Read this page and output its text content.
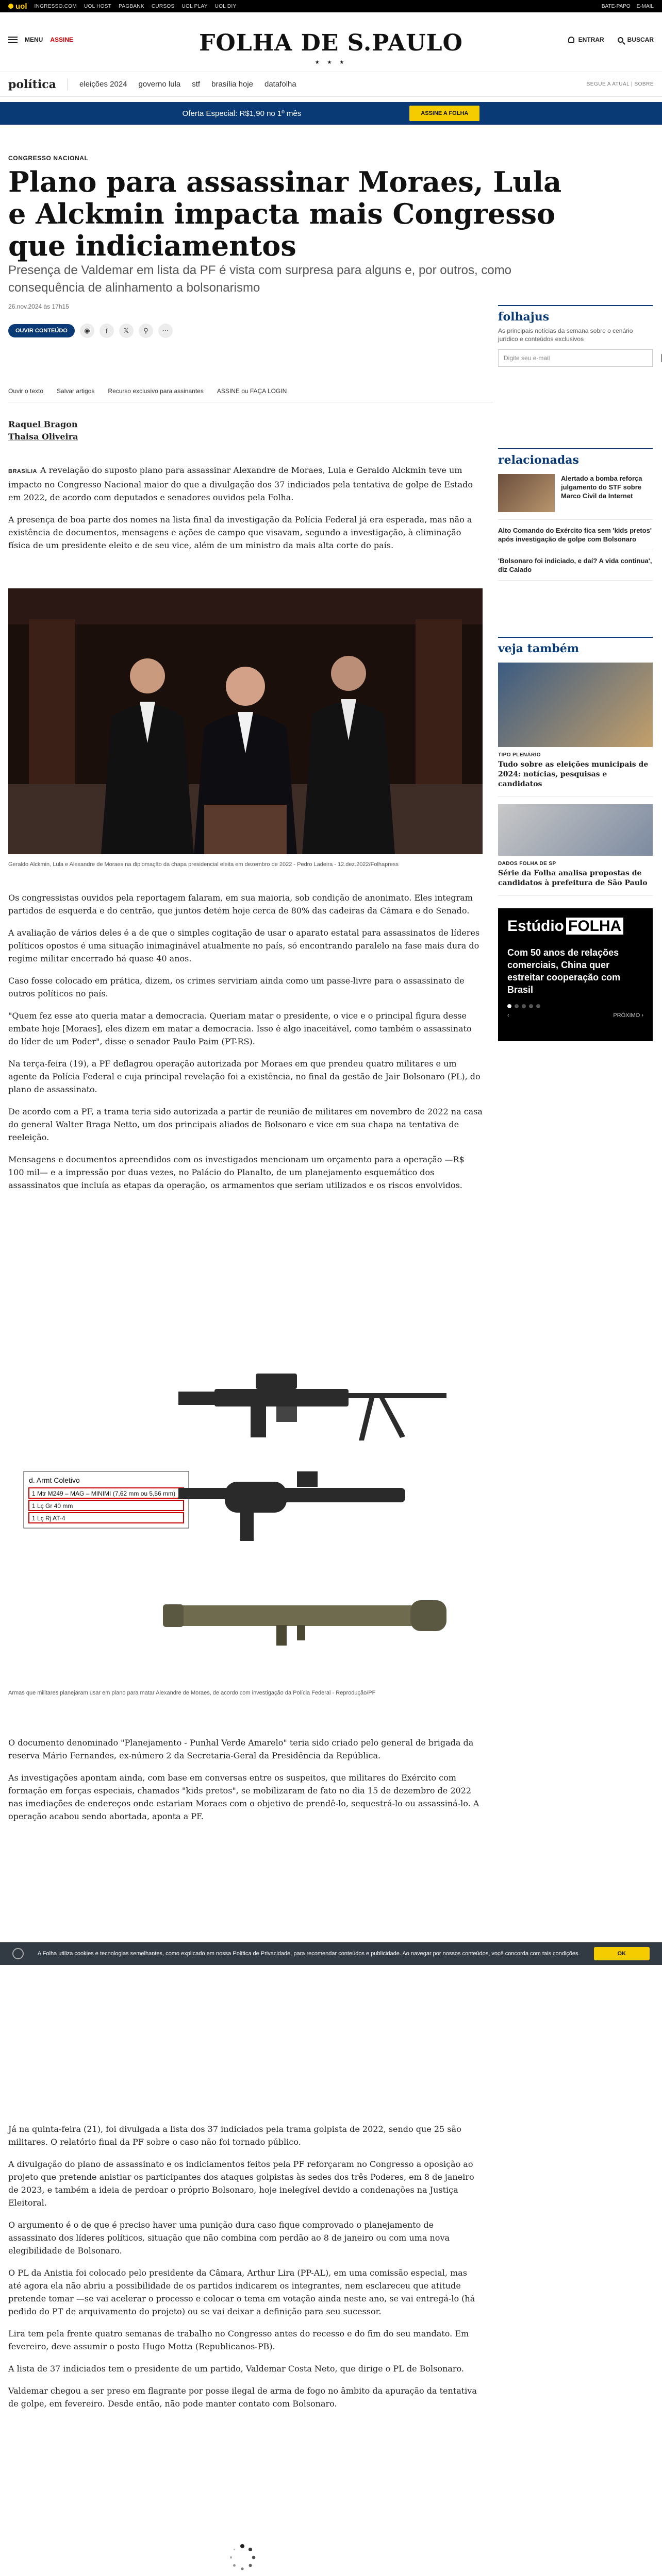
uol INGRESSO.COM UOL HOST PAGBANK CURSOS UOL PLAY UOL DIY	BATE-PAPO E-MAIL
MENU ASSINE	FOLHA DE S.PAULO
★ ★ ★
ENTRAR	BUSCAR
política	eleições 2024 governo lula stf brasília hoje datafolha	SEGUE A ATUAL | SOBRE
Oferta Especial: R$1,90 no 1º mês	ASSINE A FOLHA
CONGRESSO NACIONAL
Plano para assassinar Moraes, Lula e Alckmin impacta mais Congresso que indiciamentos
Presença de Valdemar em lista da PF é vista com surpresa para alguns e, por outros, como consequência de alinhamento a bolsonarismo
26.nov.2024 às 17h15
OUVIR CONTEÚDO	◉	f	𝕏	⚲	⋯
Ouvir o texto Salvar artigos Recurso exclusivo para assinantes ASSINE ou FAÇA LOGIN
Raquel Bragon
Thaisa Oliveira

BRASÍLIA A revelação do suposto plano para assassinar Alexandre de Moraes, Lula e Geraldo Alckmin teve um impacto no Congresso Nacional maior do que a divulgação dos 37 indiciados pela tentativa de golpe de Estado em 2022, de acordo com deputados e senadores ouvidos pela Folha.

A presença de boa parte dos nomes na lista final da investigação da Polícia Federal já era esperada, mas não a existência de documentos, mensagens e ações de campo que visavam, segundo a investigação, à eliminação física de um presidente eleito e de seu vice, além de um ministro da mais alta corte do país.

Geraldo Alckmin, Lula e Alexandre de Moraes na diplomação da chapa presidencial eleita em dezembro de 2022 - Pedro Ladeira - 12.dez.2022/Folhapress

Os congressistas ouvidos pela reportagem falaram, em sua maioria, sob condição de anonimato. Eles integram partidos de esquerda e do centrão, que juntos detém hoje cerca de 80% das cadeiras da Câmara e do Senado.

A avaliação de vários deles é a de que o simples cogitação de usar o aparato estatal para assassinatos de líderes políticos opostos é uma situação inimaginável atualmente no país, só encontrando paralelo na fase mais dura do regime militar encerrado há quase 40 anos.

Caso fosse colocado em prática, dizem, os crimes serviriam ainda como um passe-livre para o assassinato de outros políticos no país.

"Quem fez esse ato queria matar a democracia. Queriam matar o presidente, o vice e o principal figura desse embate hoje [Moraes], eles dizem em matar a democracia. Isso é algo inaceitável, como também o assassinato do líder de um Poder", disse o senador Paulo Paim (PT-RS).

Na terça-feira (19), a PF deflagrou operação autorizada por Moraes em que prendeu quatro militares e um agente da Polícia Federal e cuja principal revelação foi a existência, no final da gestão de Jair Bolsonaro (PL), do plano de assassinato.

De acordo com a PF, a trama teria sido autorizada a partir de reunião de militares em novembro de 2022 na casa do general Walter Braga Netto, um dos principais aliados de Bolsonaro e vice em sua chapa na tentativa de reeleição.

Mensagens e documentos apreendidos com os investigados mencionam um orçamento para a operação —R$ 100 mil— e a impressão por duas vezes, no Palácio do Planalto, de um planejamento esquemático dos assassinatos que incluía as etapas da operação, os armamentos que seriam utilizados e os riscos envolvidos.

d. Armt Coletivo
1 Mtr M249 – MAG – MINIMI (7,62 mm ou 5,56 mm)
1 Lç Gr 40 mm
1 Lç Rj AT-4
Armas que militares planejaram usar em plano para matar Alexandre de Moraes, de acordo com investigação da Polícia Federal - Reprodução/PF

O documento denominado "Planejamento - Punhal Verde Amarelo" teria sido criado pelo general de brigada da reserva Mário Fernandes, ex-número 2 da Secretaria-Geral da Presidência da República.

As investigações apontam ainda, com base em conversas entre os suspeitos, que militares do Exército com formação em forças especiais, chamados "kids pretos", se mobilizaram de fato no dia 15 de dezembro de 2022 nas imediações de endereços onde estariam Moraes com o objetivo de prendê-lo, sequestrá-lo ou assassiná-lo. A operação acabou sendo abortada, aponta a PF.

A Folha utiliza cookies e tecnologias semelhantes, como explicado em nossa Política de Privacidade, para recomendar conteúdos e publicidade. Ao navegar por nossos conteúdos, você concorda com tais condições.	OK

Já na quinta-feira (21), foi divulgada a lista dos 37 indiciados pela trama golpista de 2022, sendo que 25 são militares. O relatório final da PF sobre o caso não foi tornado público.

A divulgação do plano de assassinato e os indiciamentos feitos pela PF reforçaram no Congresso a oposição ao projeto que pretende anistiar os participantes dos ataques golpistas às sedes dos três Poderes, em 8 de janeiro de 2023, e também a ideia de perdoar o próprio Bolsonaro, hoje inelegível devido a condenações na Justiça Eleitoral.

O argumento é o de que é preciso haver uma punição dura caso fique comprovado o planejamento de assassinato dos líderes políticos, situação que não combina com perdão ao 8 de janeiro ou com uma nova elegibilidade de Bolsonaro.

O PL da Anistia foi colocado pelo presidente da Câmara, Arthur Lira (PP-AL), em uma comissão especial, mas até agora ela não abriu a possibilidade de os partidos indicarem os integrantes, nem esclareceu que atitude pretende tomar —se vai acelerar o processo e colocar o tema em votação ainda neste ano, se vai entregá-lo (há pedido do PT de arquivamento do projeto) ou se vai deixar a definição para seu sucessor.

Lira tem pela frente quatro semanas de trabalho no Congresso antes do recesso e do fim do seu mandato. Em fevereiro, deve assumir o posto Hugo Motta (Republicanos-PB).

A lista de 37 indiciados tem o presidente de um partido, Valdemar Costa Neto, que dirige o PL de Bolsonaro.

Valdemar chegou a ser preso em flagrante por posse ilegal de arma de fogo no âmbito da apuração da tentativa de golpe, em fevereiro. Desde então, não pode manter contato com Bolsonaro.

folhajus
As principais notícias da semana sobre o cenário jurídico e conteúdos exclusivos
Digite seu e-mail
relacionadas
Alertado a bomba reforça julgamento do STF sobre Marco Civil da Internet
Alto Comando do Exército fica sem 'kids pretos' após investigação de golpe com Bolsonaro
'Bolsonaro foi indiciado, e daí? A vida continua', diz Caiado
veja também
TIPO PLENÁRIO
Tudo sobre as eleições municipais de 2024: notícias, pesquisas e candidatos
DADOS FOLHA DE SP
Série da Folha analisa propostas de candidatos à prefeitura de São Paulo
Estúdio FOLHA
Com 50 anos de relações comerciais, China quer estreitar cooperação com Brasil
‹	PRÓXIMO ›
